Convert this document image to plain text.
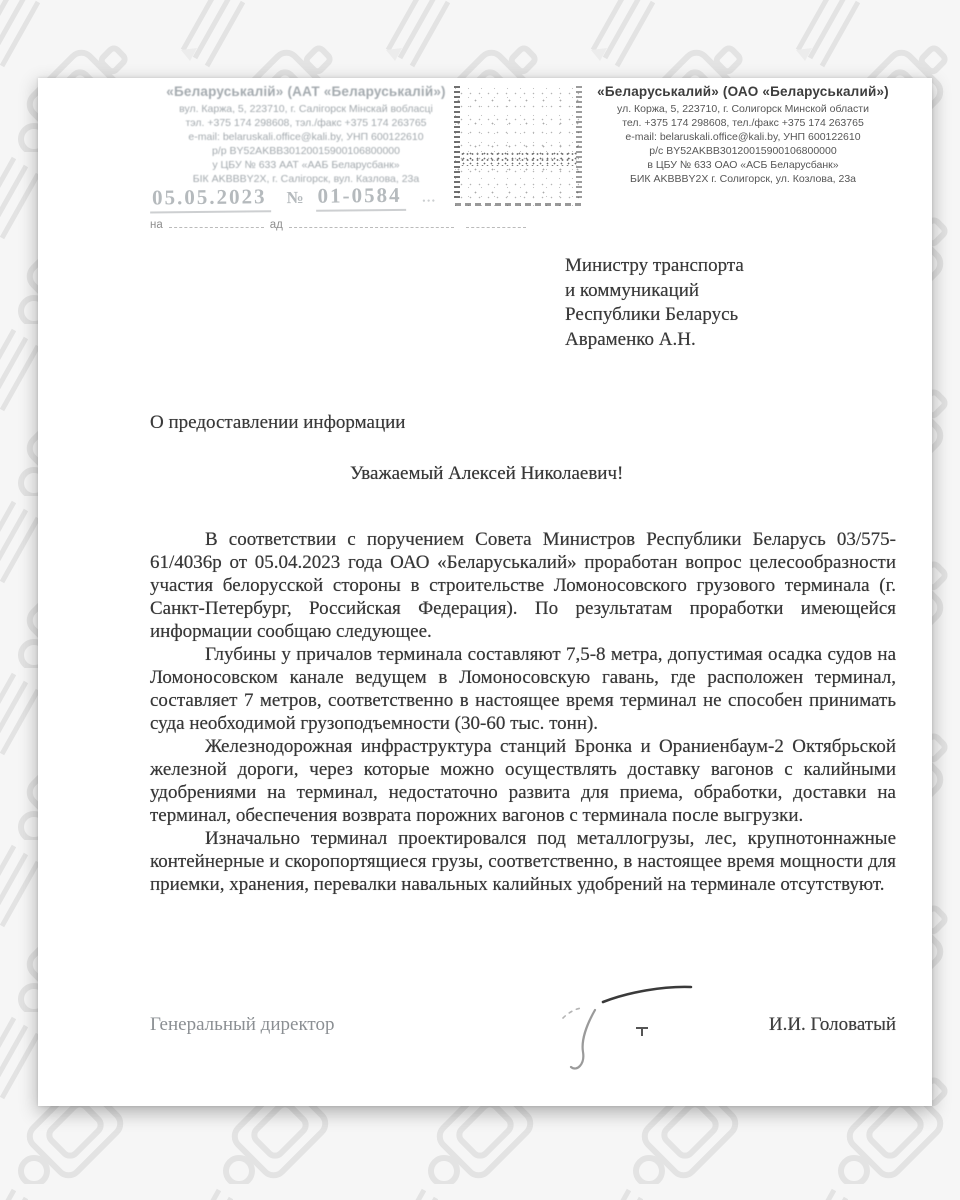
«Беларуськалій» (ААТ «Беларуськалій»)
вул. Каржа, 5, 223710, г. Салігорск Мінскай вобласці
тэл. +375 174 298608, тэл./факс +375 174 263765
e-mail: belaruskali.office@kali.by, УНП 600122610
р/р BY52AKBB30120015900106800000
у ЦБУ № 633 ААТ «ААБ Беларусбанк»
БІК AKBBBY2X, г. Салігорск, вул. Казлова, 23а
«Беларуськалий» (ОАО «Беларуськалий»)
ул. Коржа, 5, 223710, г. Солигорск Минской области
тел. +375 174 298608, тел./факс +375 174 263765
e-mail: belaruskali.office@kali.by, УНП 600122610
р/с BY52AKBB30120015900106800000
в ЦБУ № 633 ОАО «АСБ Беларусбанк»
БИК AKBBBY2X г. Солигорск, ул. Козлова, 23а
05.05.2023 № 01-0584 …
на	ад
Министру транспорта
и коммуникаций
Республики Беларусь
Авраменко А.Н.
О предоставлении информации
Уважаемый Алексей Николаевич!

В соответствии с поручением Совета Министров Республики Беларусь 03/575-61/4036р от 05.04.2023 года ОАО «Беларуськалий» проработан вопрос целесообразности участия белорусской стороны в строительстве Ломоносовского грузового терминала (г. Санкт-Петербург, Российская Федерация). По результатам проработки имеющейся информации сообщаю следующее.

Глубины у причалов терминала составляют 7,5-8 метра, допустимая осадка судов на Ломоносовском канале ведущем в Ломоносовскую гавань, где расположен терминал, составляет 7 метров, соответственно в настоящее время терминал не способен принимать суда необходимой грузоподъемности (30-60 тыс. тонн).

Железнодорожная инфраструктура станций Бронка и Ораниенбаум-2 Октябрьской железной дороги, через которые можно осуществлять доставку вагонов с калийными удобрениями на терминал, недостаточно развита для приема, обработки, доставки на терминал, обеспечения возврата порожних вагонов с терминала после выгрузки.

Изначально терминал проектировался под металлогрузы, лес, крупнотоннажные контейнерные и скоропортящиеся грузы, соответственно, в настоящее время мощности для приемки, хранения, перевалки навальных калийных удобрений на терминале отсутствуют.

Генеральный директор	И.И. Головатый
